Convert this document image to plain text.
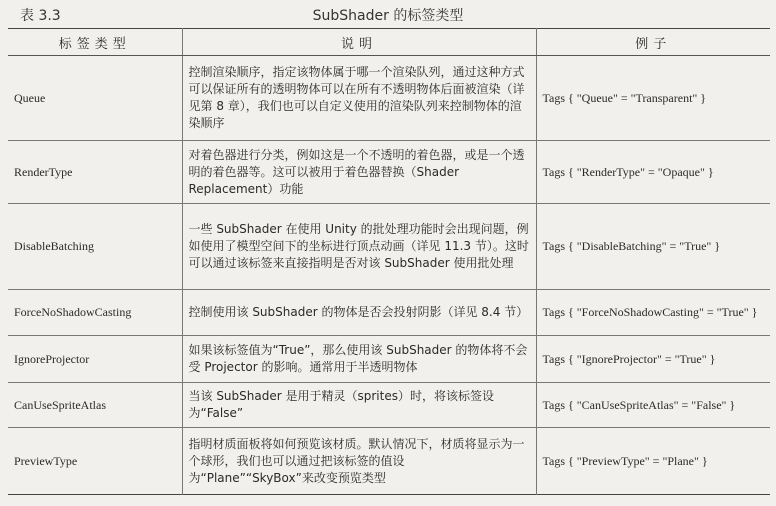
表 3.3	SubShader 的标签类型
标签类型	说明	例子
Queue	控制渲染顺序，指定该物体属于哪一个渲染队列，通过这种方式可以保证所有的透明物体可以在所有不透明物体后面被渲染（详见第 8 章），我们也可以自定义使用的渲染队列来控制物体的渲染顺序	Tags { "Queue" = "Transparent" }
RenderType	对着色器进行分类，例如这是一个不透明的着色器，或是一个透明的着色器等。这可以被用于着色器替换（Shader Replacement）功能	Tags { "RenderType" = "Opaque" }
DisableBatching	一些 SubShader 在使用 Unity 的批处理功能时会出现问题，例如使用了模型空间下的坐标进行顶点动画（详见 11.3 节）。这时可以通过该标签来直接指明是否对该 SubShader 使用批处理	Tags { "DisableBatching" = "True" }
ForceNoShadowCasting	控制使用该 SubShader 的物体是否会投射阴影（详见 8.4 节）	Tags { "ForceNoShadowCasting" = "True" }
IgnoreProjector	如果该标签值为“True”，那么使用该 SubShader 的物体将不会受 Projector 的影响。通常用于半透明物体	Tags { "IgnoreProjector" = "True" }
CanUseSpriteAtlas	当该 SubShader 是用于精灵（sprites）时，将该标签设为“False”	Tags { "CanUseSpriteAtlas" = "False" }
PreviewType	指明材质面板将如何预览该材质。默认情况下，材质将显示为一个球形，我们也可以通过把该标签的值设为“Plane”“SkyBox”来改变预览类型	Tags { "PreviewType" = "Plane" }
